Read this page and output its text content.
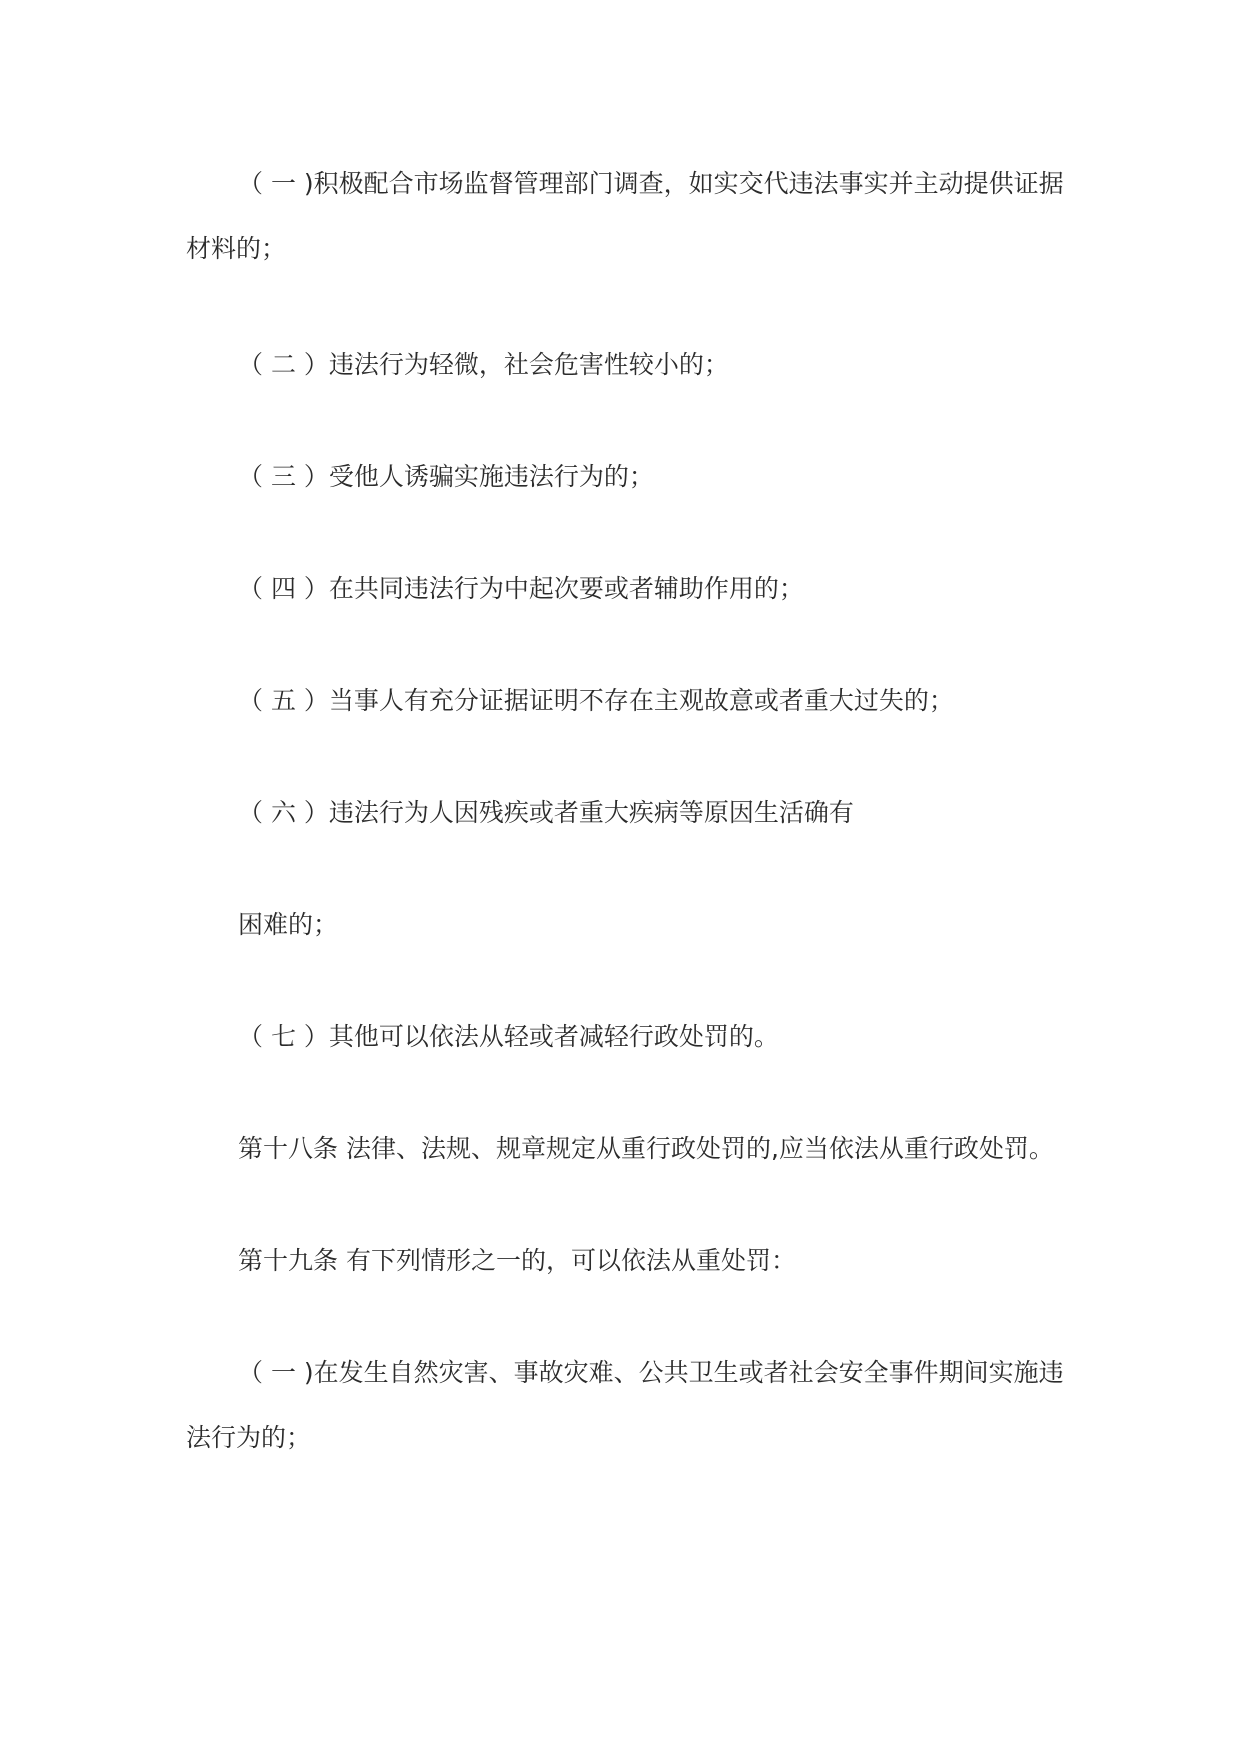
（ 一 )积极配合市场监督管理部门调查，如实交代违法事实并主动提供证据
材料的；
（ 二 ）违法行为轻微，社会危害性较小的；
（ 三 ）受他人诱骗实施违法行为的；
（ 四 ）在共同违法行为中起次要或者辅助作用的；
（ 五 ）当事人有充分证据证明不存在主观故意或者重大过失的；
（ 六 ）违法行为人因残疾或者重大疾病等原因生活确有
困难的；
（ 七 ）其他可以依法从轻或者减轻行政处罚的。
第十八条 法律、法规、规章规定从重行政处罚的,应当依法从重行政处罚。
第十九条 有下列情形之一的，可以依法从重处罚：
（ 一 )在发生自然灾害、事故灾难、公共卫生或者社会安全事件期间实施违
法行为的；
